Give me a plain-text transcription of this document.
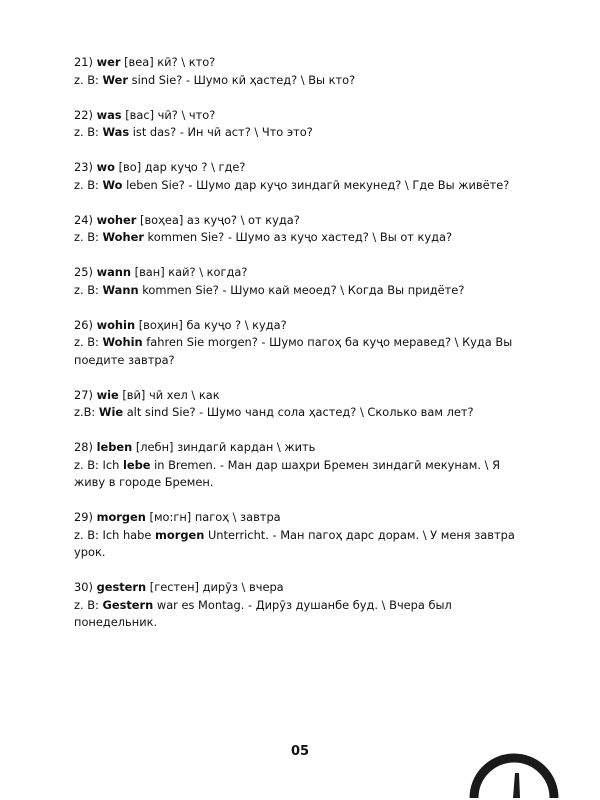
21) wer [веа] кӣ? \ кто?
z. B: Wer sind Sie? - Шумо кӣ ҳастед? \ Вы кто?
22) was [вас] чӣ? \ что?
z. B: Was ist das? - Ин чӣ аст? \ Что это?
23) wo [во] дар куҷо ? \ где?
z. B: Wo leben Sie? - Шумо дар куҷо зиндагӣ мекунед? \ Где Вы живёте?
24) woher [воҳеа] аз куҷо? \ от куда?
z. B: Woher kommen Sie? - Шумо аз куҷо хастед? \ Вы от куда?
25) wann [ван] кай? \ когда?
z. B: Wann kommen Sie? - Шумо кай меоед? \ Когда Вы придёте?
26) wohin [воҳин] ба куҷо ? \ куда?
z. B: Wohin fahren Sie morgen? - Шумо пагоҳ ба куҷо меравед? \ Куда Вы поедите завтра?
27) wie [вӣ] чӣ хел \ как
z.B: Wie alt sind Sie? - Шумо чанд сола ҳастед? \ Сколько вам лет?
28) leben [лебн] зиндагӣ кардан \ жить
z. B: Ich lebe in Bremen. - Ман дар шаҳри Бремен зиндагӣ мекунам. \ Я живу в городе Бремен.
29) morgen [мо:гн] пагоҳ \ завтра
z. B: Ich habe morgen Unterricht. - Ман пагоҳ дарс дорам. \ У меня завтра урок.
30) gestern [гестен] дирӯз \ вчера
z. B: Gestern war es Montag. - Дирӯз душанбе буд. \ Вчера был понедельник.
05
